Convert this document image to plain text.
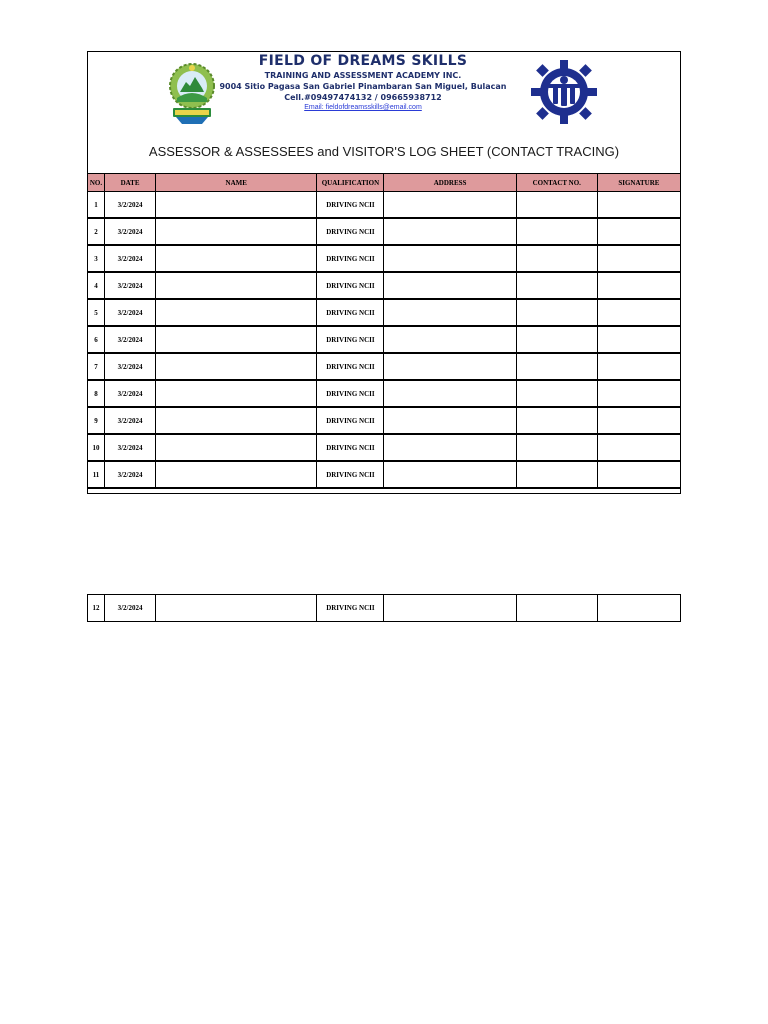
FIELD OF DREAMS SKILLS
TRAINING AND ASSESSMENT ACADEMY INC.
9004 Sitio Pagasa San Gabriel Pinambaran San Miguel, Bulacan
Cell.#09497474132 / 09665938712
Email: fieldofdreamsskills@email.com
ASSESSOR & ASSESSEES and VISITOR'S LOG SHEET (CONTACT TRACING)
NO.	DATE	NAME	QUALIFICATION	ADDRESS	CONTACT NO.	SIGNATURE
1	3/2/2024		DRIVING NCII			
2	3/2/2024		DRIVING NCII			
3	3/2/2024		DRIVING NCII			
4	3/2/2024		DRIVING NCII			
5	3/2/2024		DRIVING NCII			
6	3/2/2024		DRIVING NCII			
7	3/2/2024		DRIVING NCII			
8	3/2/2024		DRIVING NCII			
9	3/2/2024		DRIVING NCII			
10	3/2/2024		DRIVING NCII			
11	3/2/2024		DRIVING NCII			
12	3/2/2024		DRIVING NCII			
